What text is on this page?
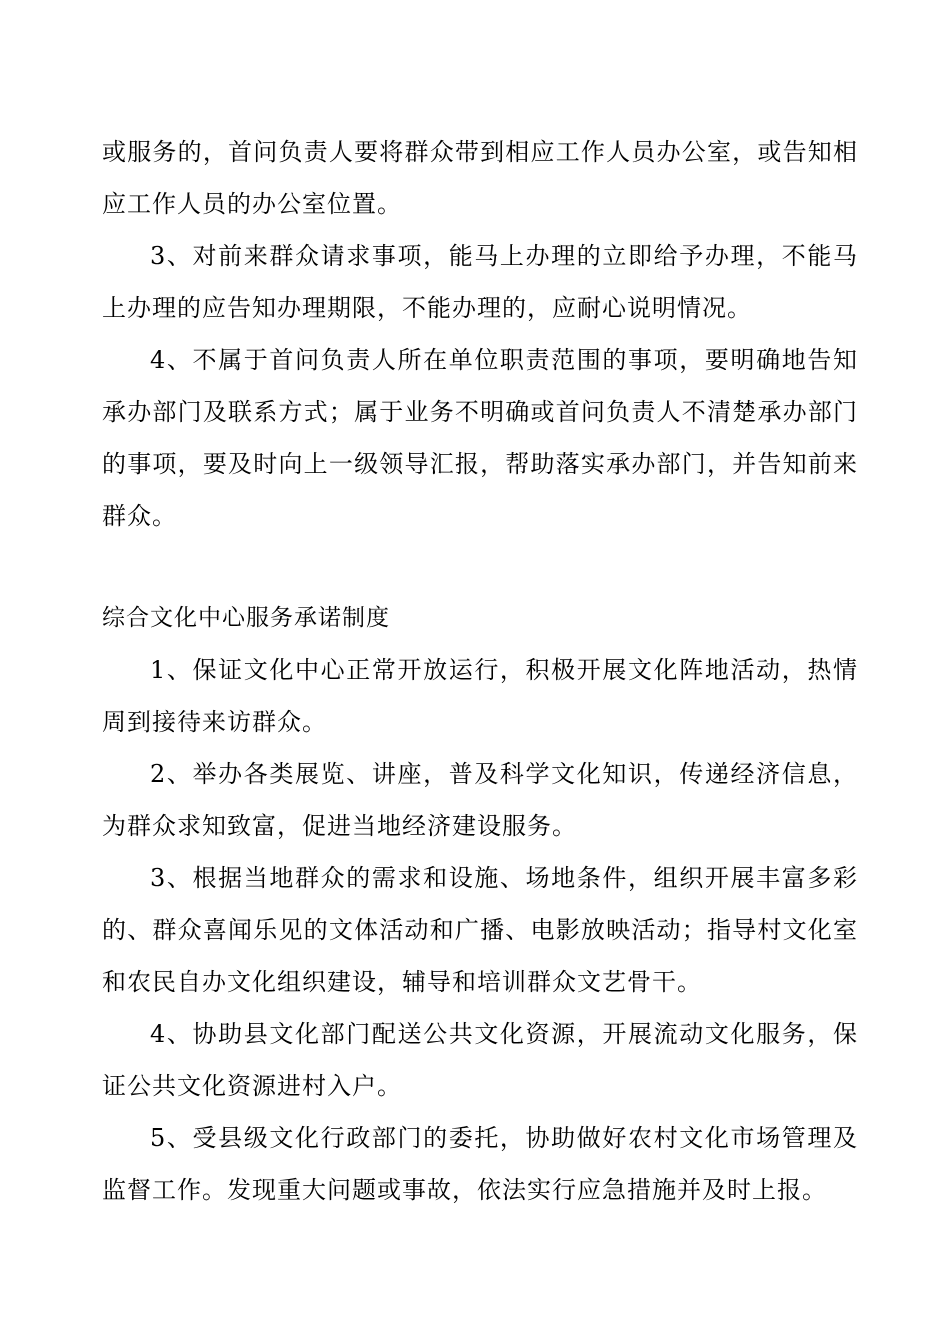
或服务的，首问负责人要将群众带到相应工作人员办公室，或告知相应工作人员的办公室位置。

3、对前来群众请求事项，能马上办理的立即给予办理，不能马上办理的应告知办理期限，不能办理的，应耐心说明情况。

4、不属于首问负责人所在单位职责范围的事项，要明确地告知承办部门及联系方式；属于业务不明确或首问负责人不清楚承办部门的事项，要及时向上一级领导汇报，帮助落实承办部门，并告知前来群众。

综合文化中心服务承诺制度

1、保证文化中心正常开放运行，积极开展文化阵地活动，热情周到接待来访群众。

2、举办各类展览、讲座，普及科学文化知识，传递经济信息，为群众求知致富，促进当地经济建设服务。

3、根据当地群众的需求和设施、场地条件，组织开展丰富多彩的、群众喜闻乐见的文体活动和广播、电影放映活动；指导村文化室和农民自办文化组织建设，辅导和培训群众文艺骨干。

4、协助县文化部门配送公共文化资源，开展流动文化服务，保证公共文化资源进村入户。

5、受县级文化行政部门的委托，协助做好农村文化市场管理及监督工作。发现重大问题或事故，依法实行应急措施并及时上报。
